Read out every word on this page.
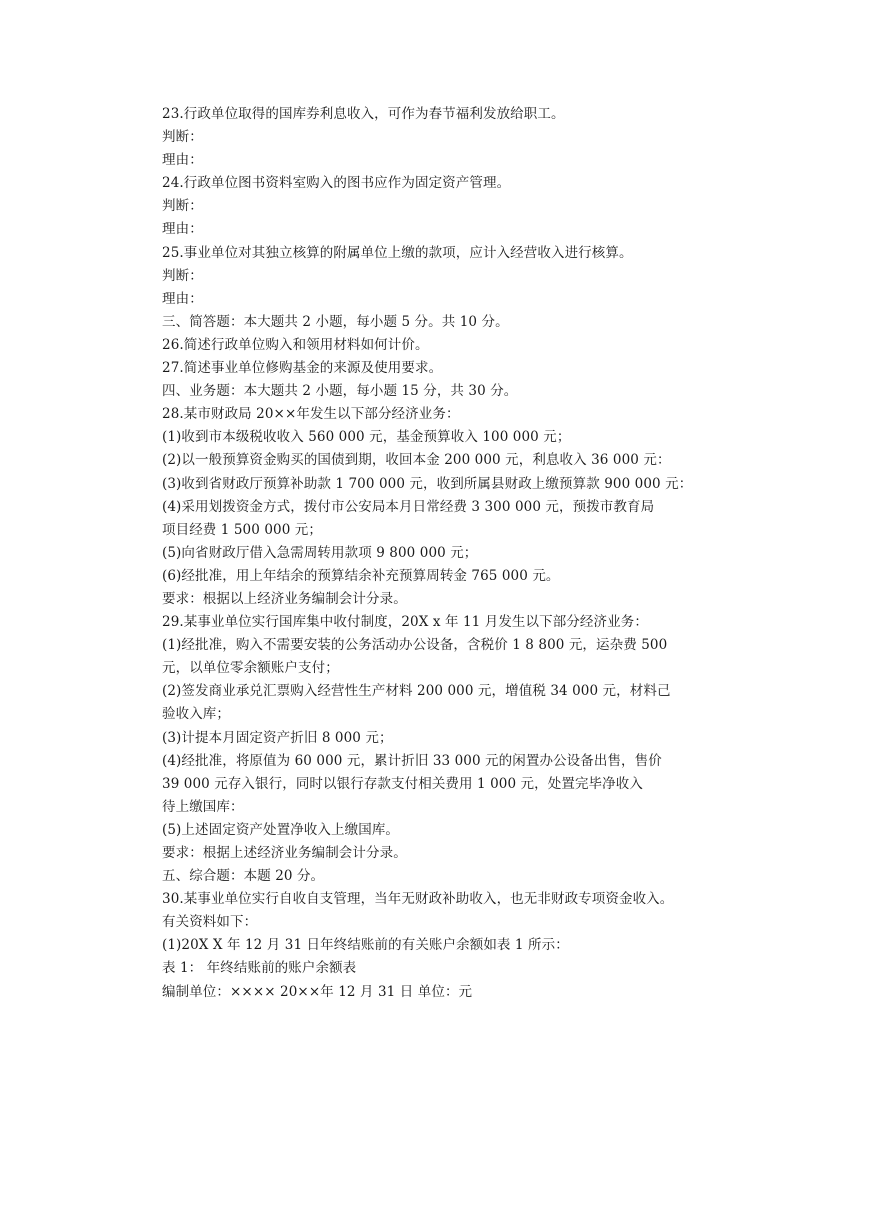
23.行政单位取得的国库券利息收入，可作为春节福利发放给职工。
判断：
理由：
24.行政单位图书资料室购入的图书应作为固定资产管理。
判断：
理由：
25.事业单位对其独立核算的附属单位上缴的款项，应计入经营收入进行核算。
判断：
理由：
三、简答题：本大题共 2 小题，每小题 5 分。共 10 分。
26.简述行政单位购入和领用材料如何计价。
27.简述事业单位修购基金的来源及使用要求。
四、业务题：本大题共 2 小题，每小题 15 分，共 30 分。
28.某市财政局 20××年发生以下部分经济业务：
(1)收到市本级税收收入 560 000 元，基金预算收入 100 000 元；
(2)以一般预算资金购买的国债到期，收回本金 200 000 元，利息收入 36 000 元：
(3)收到省财政厅预算补助款 1 700 000 元，收到所属县财政上缴预算款 900 000 元：
(4)采用划拨资金方式，拨付市公安局本月日常经费 3 300 000 元，预拨市教育局
项目经费 1 500 000 元；
(5)向省财政厅借入急需周转用款项 9 800 000 元；
(6)经批准，用上年结余的预算结余补充预算周转金 765 000 元。
要求：根据以上经济业务编制会计分录。
29.某事业单位实行国库集中收付制度，20X x 年 11 月发生以下部分经济业务：
(1)经批准，购入不需要安装的公务活动办公设备，含税价 1 8 800 元，运杂费 500
元，以单位零余额账户支付；
(2)签发商业承兑汇票购入经营性生产材料 200 000 元，增值税 34 000 元，材料己
验收入库；
(3)计提本月固定资产折旧 8 000 元；
(4)经批准，将原值为 60 000 元，累计折旧 33 000 元的闲置办公设备出售，售价
39 000 元存入银行，同时以银行存款支付相关费用 1 000 元，处置完毕净收入
待上缴国库：
(5)上述固定资产处置净收入上缴国库。
要求：根据上述经济业务编制会计分录。
五、综合题：本题 20 分。
30.某事业单位实行自收自支管理，当年无财政补助收入，也无非财政专项资金收入。
有关资料如下：
(1)20X X 年 12 月 31 日年终结账前的有关账户余额如表 1 所示：
表 1： 年终结账前的账户余额表
编制单位：×××× 20××年 12 月 31 日 单位：元
